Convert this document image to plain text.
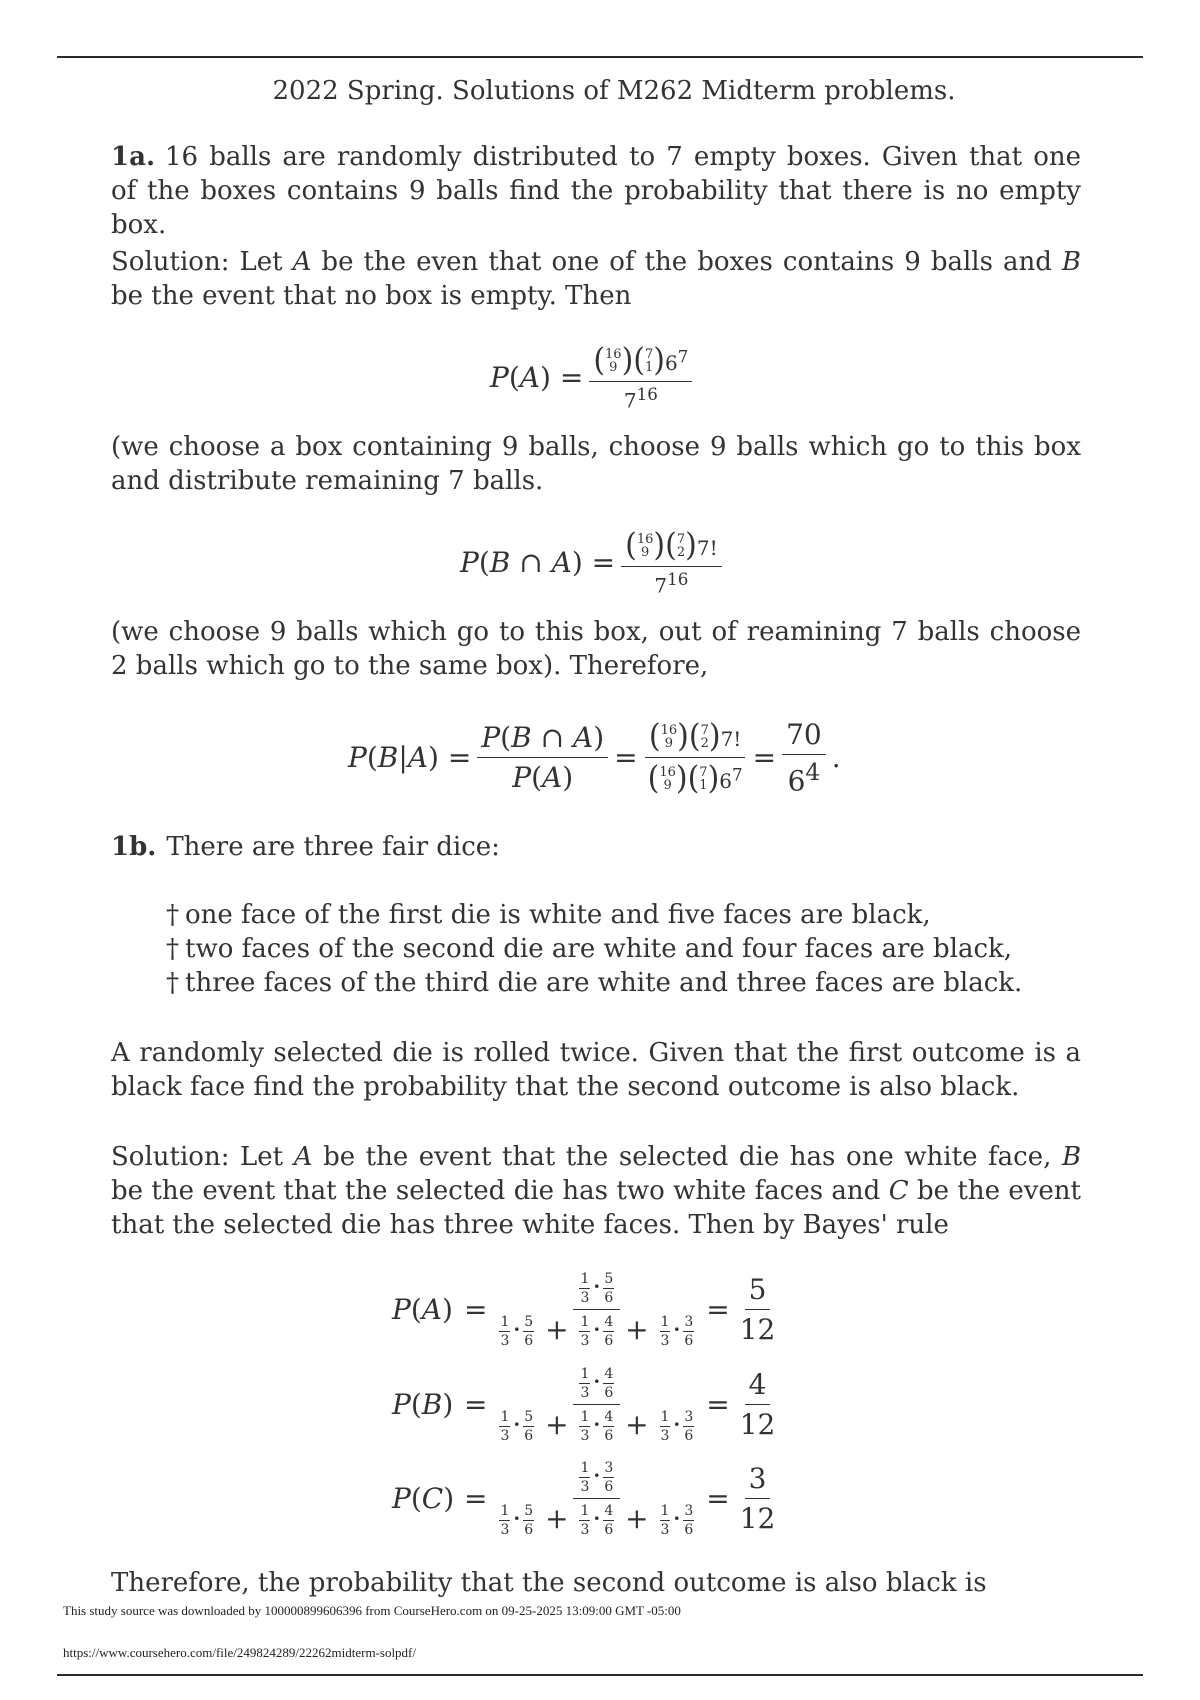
2022 Spring. Solutions of M262 Midterm problems.
1a. 16 balls are randomly distributed to 7 empty boxes. Given that one of the boxes contains 9 balls find the probability that there is no empty box.
Solution: Let A be the even that one of the boxes contains 9 balls and B be the event that no box is empty. Then
P(A) = ( 16
9 ) ( 7
1 ) $6^7$
$7^{16}$
(we choose a box containing 9 balls, choose 9 balls which go to this box and distribute remaining 7 balls.
P(B ∩ A) = ( 16
9 ) ( 7
2 ) 7!
$7^{16}$
(we choose 9 balls which go to this box, out of reamining 7 balls choose 2 balls which go to the same box). Therefore,
$P(B|A) = \frac{P(B \cap A)}{P(A)}$ = ( 16
9 ) ( 7
2 ) 7!
( 16
9 ) ( 7
1 ) $6^7 = \frac{70}{6^4}$ .
1b. There are three fair dice:
† one face of the first die is white and five faces are black,
† two faces of the second die are white and four faces are black,
† three faces of the third die are white and three faces are black.
A randomly selected die is rolled twice. Given that the first outcome is a black face find the probability that the second outcome is also black.
Solution: Let A be the event that the selected die has one white face, B be the event that the selected die has two white faces and C be the event that the selected die has three white faces. Then by Bayes' rule
$P(A) = \frac{\frac{1}{3} \cdot \frac{5}{6}}{\frac{1}{3} \cdot \frac{5}{6} + \frac{1}{3} \cdot \frac{4}{6} + \frac{1}{3} \cdot \frac{3}{6}} = \frac{5}{12}$
$P(B) = \frac{\frac{1}{3} \cdot \frac{4}{6}}{\frac{1}{3} \cdot \frac{5}{6} + \frac{1}{3} \cdot \frac{4}{6} + \frac{1}{3} \cdot \frac{3}{6}} = \frac{4}{12}$
$P(C) = \frac{\frac{1}{3} \cdot \frac{3}{6}}{\frac{1}{3} \cdot \frac{5}{6} + \frac{1}{3} \cdot \frac{4}{6} + \frac{1}{3} \cdot \frac{3}{6}} = \frac{3}{12}$
Therefore, the probability that the second outcome is also black is
This study source was downloaded by 100000899606396 from CourseHero.com on 09-25-2025 13:09:00 GMT -05:00
https://www.coursehero.com/file/249824289/22262midterm-solpdf/
